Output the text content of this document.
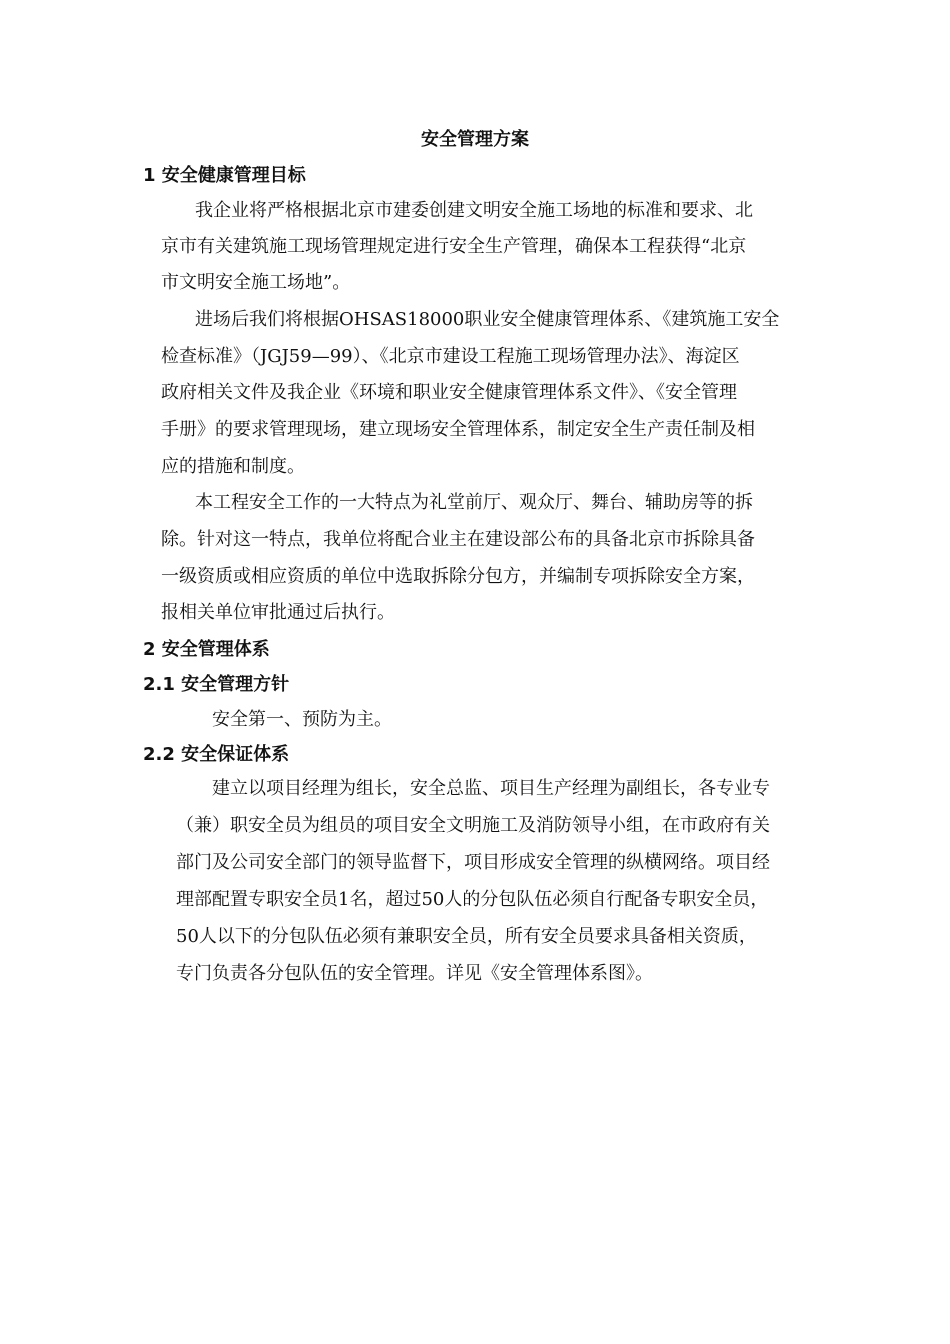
安全管理方案
1 安全健康管理目标
我企业将严格根据北京市建委创建文明安全施工场地的标准和要求、北
京市有关建筑施工现场管理规定进行安全生产管理，确保本工程获得“北京
市文明安全施工场地”。
进场后我们将根据OHSAS18000职业安全健康管理体系、《建筑施工安全
检查标准》（JGJ59—99）、《北京市建设工程施工现场管理办法》、海淀区
政府相关文件及我企业《环境和职业安全健康管理体系文件》、《安全管理
手册》的要求管理现场，建立现场安全管理体系，制定安全生产责任制及相
应的措施和制度。
本工程安全工作的一大特点为礼堂前厅、观众厅、舞台、辅助房等的拆
除。针对这一特点，我单位将配合业主在建设部公布的具备北京市拆除具备
一级资质或相应资质的单位中选取拆除分包方，并编制专项拆除安全方案，
报相关单位审批通过后执行。
2 安全管理体系
2.1 安全管理方针
安全第一、预防为主。
2.2 安全保证体系
建立以项目经理为组长，安全总监、项目生产经理为副组长，各专业专
（兼）职安全员为组员的项目安全文明施工及消防领导小组，在市政府有关
部门及公司安全部门的领导监督下，项目形成安全管理的纵横网络。项目经
理部配置专职安全员1名，超过50人的分包队伍必须自行配备专职安全员，
50人以下的分包队伍必须有兼职安全员，所有安全员要求具备相关资质，
专门负责各分包队伍的安全管理。详见《安全管理体系图》。
